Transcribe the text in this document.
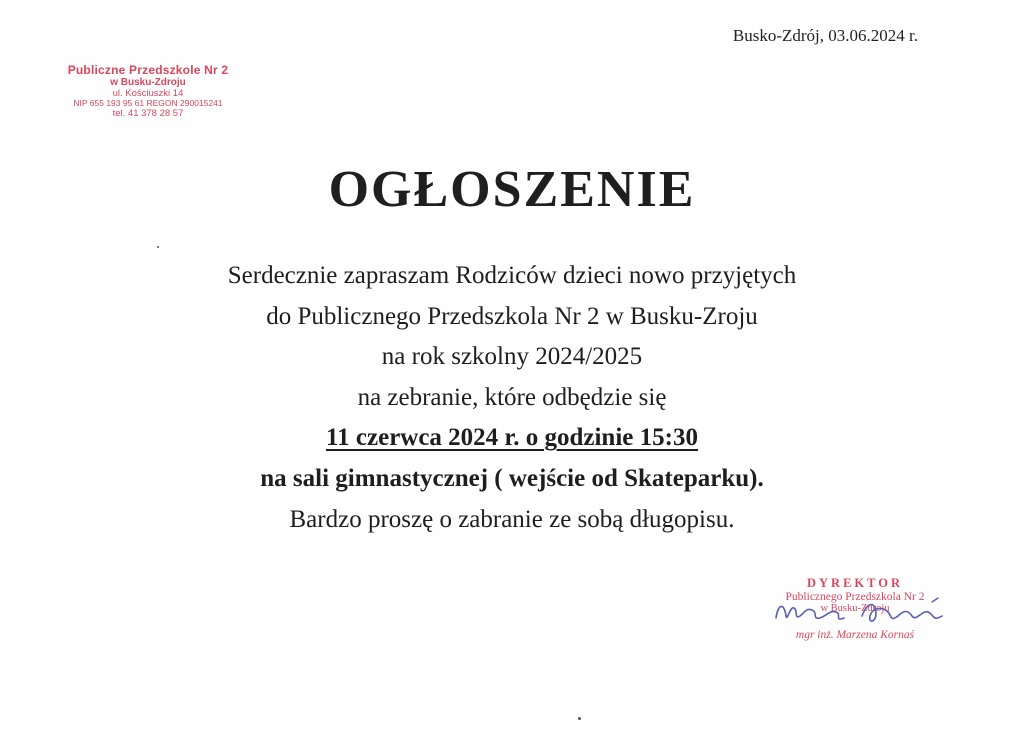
Busko-Zdrój, 03.06.2024 r.
Publiczne Przedszkole Nr 2
w Busku-Zdroju
ul. Kościuszki 14
NIP 655 193 95 61 REGON 290015241
tel. 41 378 28 57
OGŁOSZENIE
Serdecznie zapraszam Rodziców dzieci nowo przyjętych
do Publicznego Przedszkola Nr 2 w Busku-Zroju
na rok szkolny 2024/2025
na zebranie, które odbędzie się
11 czerwca 2024 r. o godzinie 15:30
na sali gimnastycznej ( wejście od Skateparku).
Bardzo proszę o zabranie ze sobą długopisu.
DYREKTOR
Publicznego Przedszkola Nr 2
w Busku-Zdroju
mgr inż. Marzena Kornaś
